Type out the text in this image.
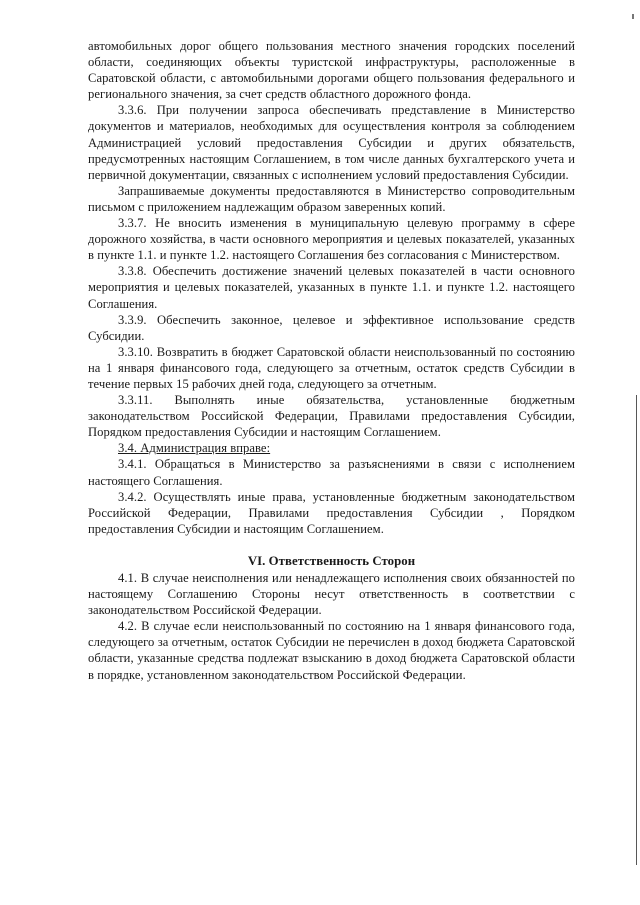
автомобильных дорог общего пользования местного значения городских поселений области, соединяющих объекты туристской инфраструктуры, расположенные в Саратовской области, с автомобильными дорогами общего пользования федерального и регионального значения, за счет средств областного дорожного фонда.

3.3.6. При получении запроса обеспечивать представление в Министерство документов и материалов, необходимых для осуществления контроля за соблюдением Администрацией условий предоставления Субсидии и других обязательств, предусмотренных настоящим Соглашением, в том числе данных бухгалтерского учета и первичной документации, связанных с исполнением условий предоставления Субсидии.

Запрашиваемые документы предоставляются в Министерство сопроводительным письмом с приложением надлежащим образом заверенных копий.

3.3.7. Не вносить изменения в муниципальную целевую программу в сфере дорожного хозяйства, в части основного мероприятия и целевых показателей, указанных в пункте 1.1. и пункте 1.2. настоящего Соглашения без согласования с Министерством.

3.3.8. Обеспечить достижение значений целевых показателей в части основного мероприятия и целевых показателей, указанных в пункте 1.1. и пункте 1.2. настоящего Соглашения.

3.3.9. Обеспечить законное, целевое и эффективное использование средств Субсидии.

3.3.10. Возвратить в бюджет Саратовской области неиспользованный по состоянию на 1 января финансового года, следующего за отчетным, остаток средств Субсидии в течение первых 15 рабочих дней года, следующего за отчетным.

3.3.11. Выполнять иные обязательства, установленные бюджетным законодательством Российской Федерации, Правилами предоставления Субсидии, Порядком предоставления Субсидии и настоящим Соглашением.

3.4. Администрация вправе:

3.4.1. Обращаться в Министерство за разъяснениями в связи с исполнением настоящего Соглашения.

3.4.2. Осуществлять иные права, установленные бюджетным законодательством Российской Федерации, Правилами предоставления Субсидии , Порядком предоставления Субсидии и настоящим Соглашением.

VI. Ответственность Сторон

4.1. В случае неисполнения или ненадлежащего исполнения своих обязанностей по настоящему Соглашению Стороны несут ответственность в соответствии с законодательством Российской Федерации.

4.2. В случае если неиспользованный по состоянию на 1 января финансового года, следующего за отчетным, остаток Субсидии не перечислен в доход бюджета Саратовской области, указанные средства подлежат взысканию в доход бюджета Саратовской области в порядке, установленном законодательством Российской Федерации.
